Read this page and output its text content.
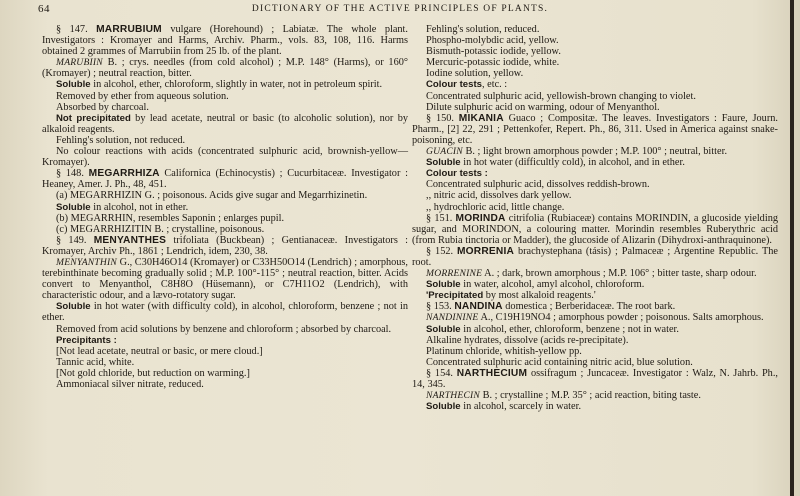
64	DICTIONARY OF THE ACTIVE PRINCIPLES OF PLANTS.

§ 147. MARRUBIUM vulgare (Horehound) ; Labiatæ. The whole plant. Investigators : Kromayer and Harms, Archiv. Pharm., vols. 83, 108, 116. Harms obtained 2 grammes of Marrubiin from 25 lb. of the plant.

MARUBIIN B. ; crys. needles (from cold alcohol) ; M.P. 148° (Harms), or 160° (Kromayer) ; neutral reaction, bitter.

Soluble in alcohol, ether, chloroform, slightly in water, not in petroleum spirit.

Removed by ether from aqueous solution.

Absorbed by charcoal.

Not precipitated by lead acetate, neutral or basic (to alcoholic solution), nor by alkaloid reagents.

Fehling's solution, not reduced.

No colour reactions with acids (concentrated sulphuric acid, brownish-yellow—Kromayer).

§ 148. MEGARRHIZA Californica (Echinocystis) ; Cucurbitaceæ. Investigator : Heaney, Amer. J. Ph., 48, 451.

(a) MEGARRHIZIN G. ; poisonous. Acids give sugar and Megarrhizinetin.

Soluble in alcohol, not in ether.

(b) MEGARRHIN, resembles Saponin ; enlarges pupil.

(c) MEGARRHIZITIN B. ; crystalline, poisonous.

§ 149. MENYANTHES trifoliata (Buckbean) ; Gentianaceæ. Investigators : Kromayer, Archiv Ph., 1861 ; Lendrich, idem, 230, 38.

MENYANTHIN G., C30H46O14 (Kromayer) or C33H50O14 (Lendrich) ; amorphous, terebinthinate becoming gradually solid ; M.P. 100°-115° ; neutral reaction, bitter. Acids convert to Menyanthol, C8H8O (Hüsemann), or C7H11O2 (Lendrich), with characteristic odour, and a lævo-rotatory sugar.

Soluble in hot water (with difficulty cold), in alcohol, chloroform, benzene ; not in ether.

Removed from acid solutions by benzene and chloroform ; absorbed by charcoal.

Precipitants :

[Not lead acetate, neutral or basic, or mere cloud.]

Tannic acid, white.

[Not gold chloride, but reduction on warming.]

Ammoniacal silver nitrate, reduced.

Fehling's solution, reduced.

Phospho-molybdic acid, yellow.

Bismuth-potassic iodide, yellow.

Mercuric-potassic iodide, white.

Iodine solution, yellow.

Colour tests, etc. :

Concentrated sulphuric acid, yellowish-brown changing to violet.

Dilute sulphuric acid on warming, odour of Menyanthol.

§ 150. MIKANIA Guaco ; Compositæ. The leaves. Investigators : Faure, Journ. Pharm., [2] 22, 291 ; Pettenkofer, Repert. Ph., 86, 311. Used in America against snake-poisoning, etc.

GUACIN B. ; light brown amorphous powder ; M.P. 100° ; neutral, bitter.

Soluble in hot water (difficultly cold), in alcohol, and in ether.

Colour tests :

Concentrated sulphuric acid, dissolves reddish-brown.

,, nitric acid, dissolves dark yellow.

,, hydrochloric acid, little change.

§ 151. MORINDA citrifolia (Rubiaceæ) contains MORINDIN, a glucoside yielding sugar, and MORINDON, a colouring matter. Morindin resembles Ruberythric acid (from Rubia tinctoria or Madder), the glucoside of Alizarin (Dihydroxi-anthraquinone).

§ 152. MORRENIA brachystephana (tásis) ; Palmaceæ ; Argentine Republic. The root.

MORRENINE A. ; dark, brown amorphous ; M.P. 106° ; bitter taste, sharp odour.

Soluble in water, alcohol, amyl alcohol, chloroform.

'Precipitated by most alkaloid reagents.'

§ 153. NANDINA domestica ; Berberidaceæ. The root bark.

NANDININE A., C19H19NO4 ; amorphous powder ; poisonous. Salts amorphous.

Soluble in alcohol, ether, chloroform, benzene ; not in water.

Alkaline hydrates, dissolve (acids re-precipitate).

Platinum chloride, whitish-yellow pp.

Concentrated sulphuric acid containing nitric acid, blue solution.

§ 154. NARTHECIUM ossifragum ; Juncaceæ. Investigator : Walz, N. Jahrb. Ph., 14, 345.

NARTHECIN B. ; crystalline ; M.P. 35° ; acid reaction, biting taste.

Soluble in alcohol, scarcely in water.
